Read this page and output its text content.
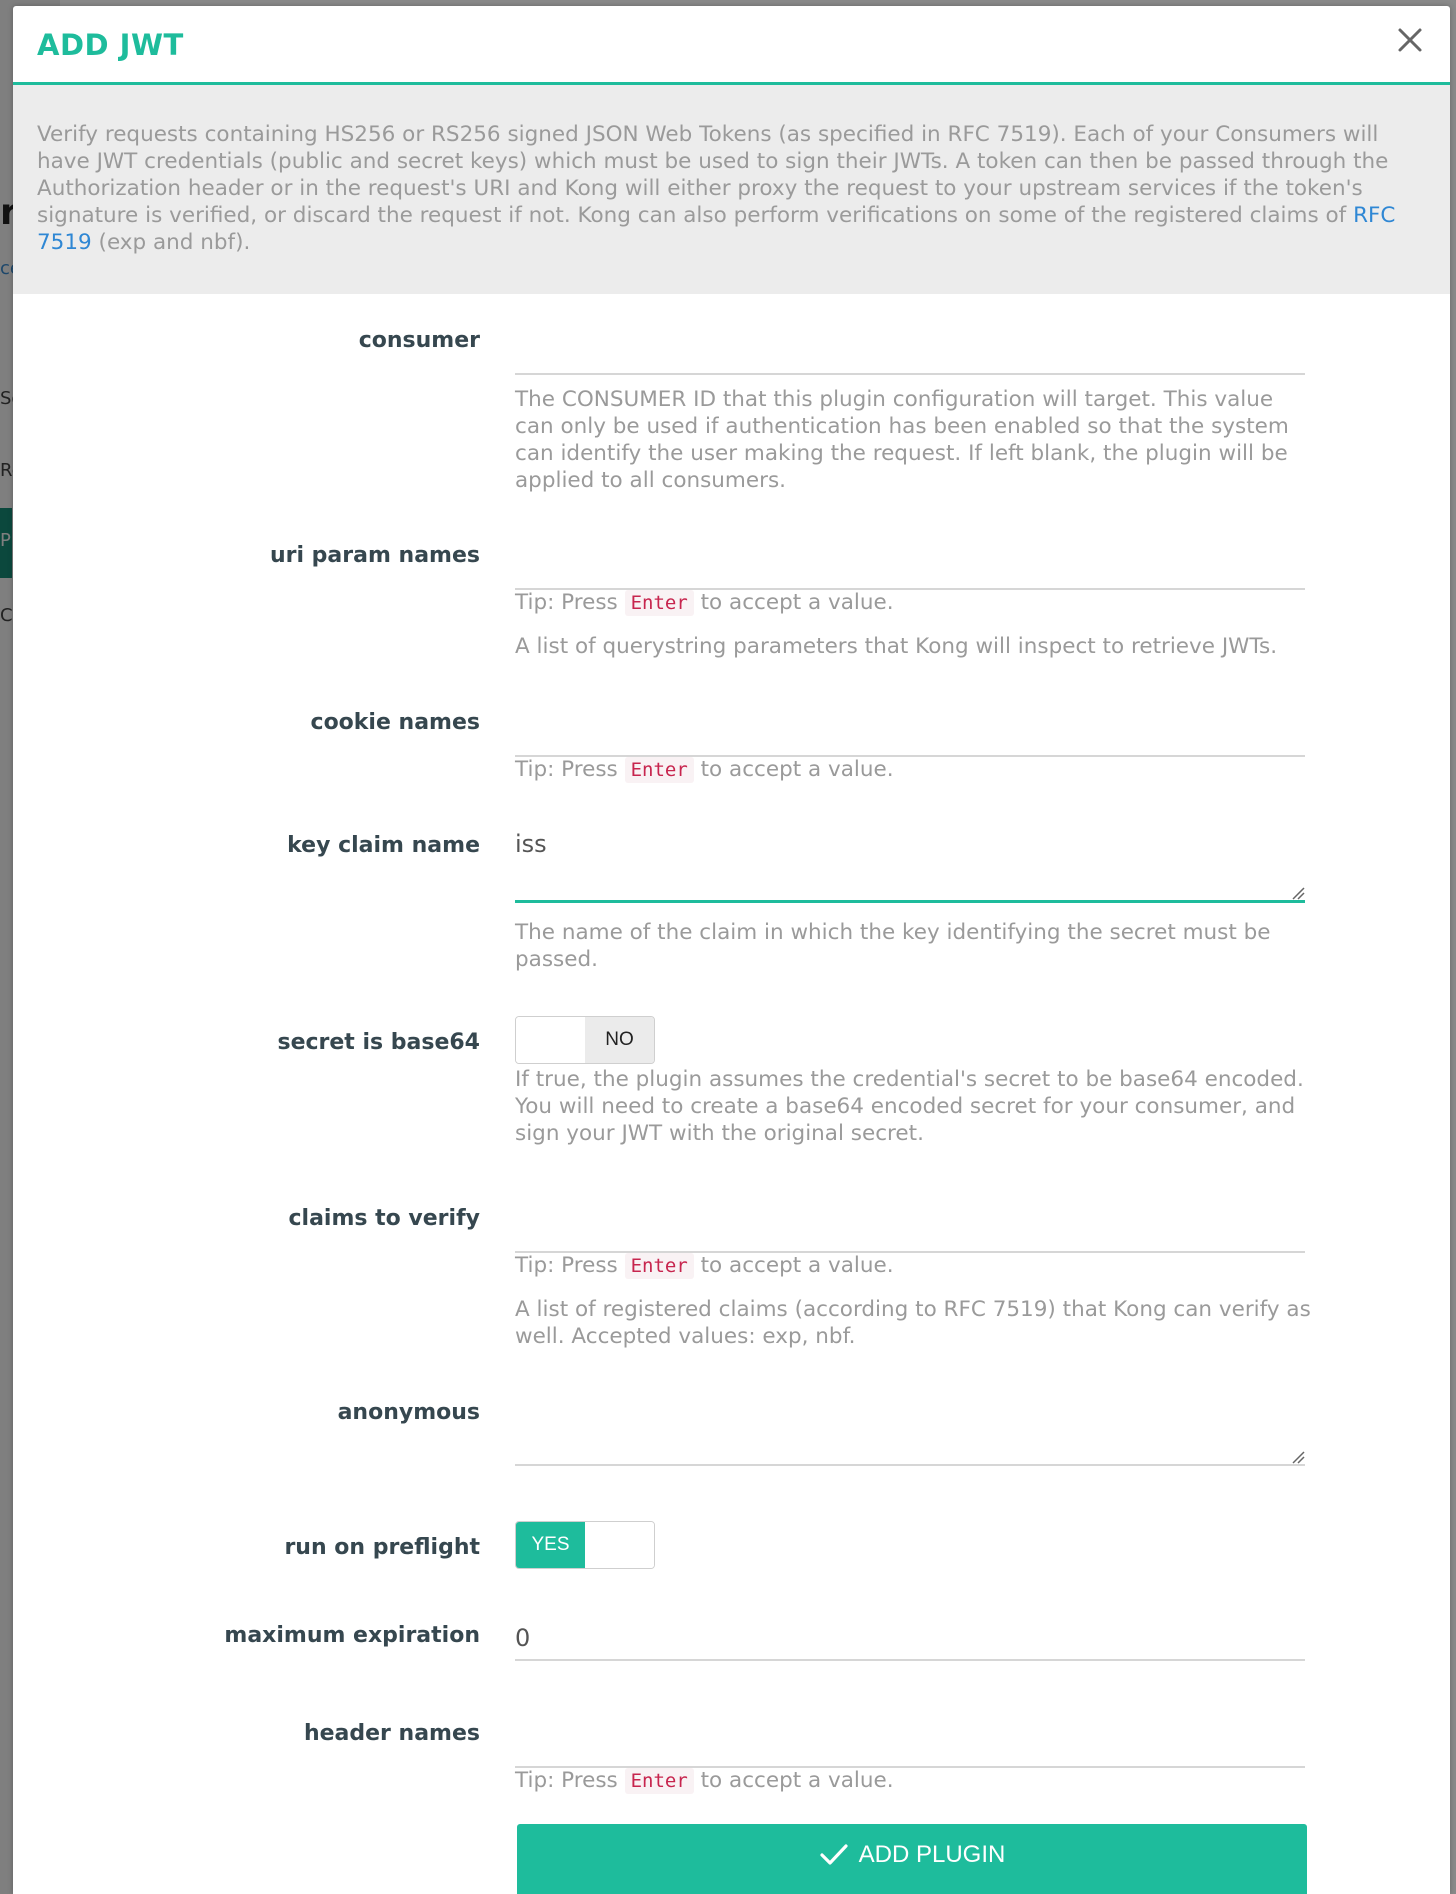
ADD JWT
Verify requests containing HS256 or RS256 signed JSON Web Tokens (as specified in RFC 7519). Each of your Consumers will have JWT credentials (public and secret keys) which must be used to sign their JWTs. A token can then be passed through the Authorization header or in the request's URI and Kong will either proxy the request to your upstream services if the token's signature is verified, or discard the request if not. Kong can also perform verifications on some of the registered claims of RFC 7519 (exp and nbf).
consumer
The CONSUMER ID that this plugin configuration will target. This value can only be used if authentication has been enabled so that the system can identify the user making the request. If left blank, the plugin will be applied to all consumers.
uri param names
Tip: Press Enter to accept a value.
A list of querystring parameters that Kong will inspect to retrieve JWTs.
cookie names
Tip: Press Enter to accept a value.
key claim name
iss
The name of the claim in which the key identifying the secret must be passed.
secret is base64	NO
If true, the plugin assumes the credential's secret to be base64 encoded. You will need to create a base64 encoded secret for your consumer, and sign your JWT with the original secret.
claims to verify
Tip: Press Enter to accept a value.
A list of registered claims (according to RFC 7519) that Kong can verify as well. Accepted values: exp, nbf.
anonymous
run on preflight	YES
maximum expiration
0
header names
Tip: Press Enter to accept a value.
ADD PLUGIN
